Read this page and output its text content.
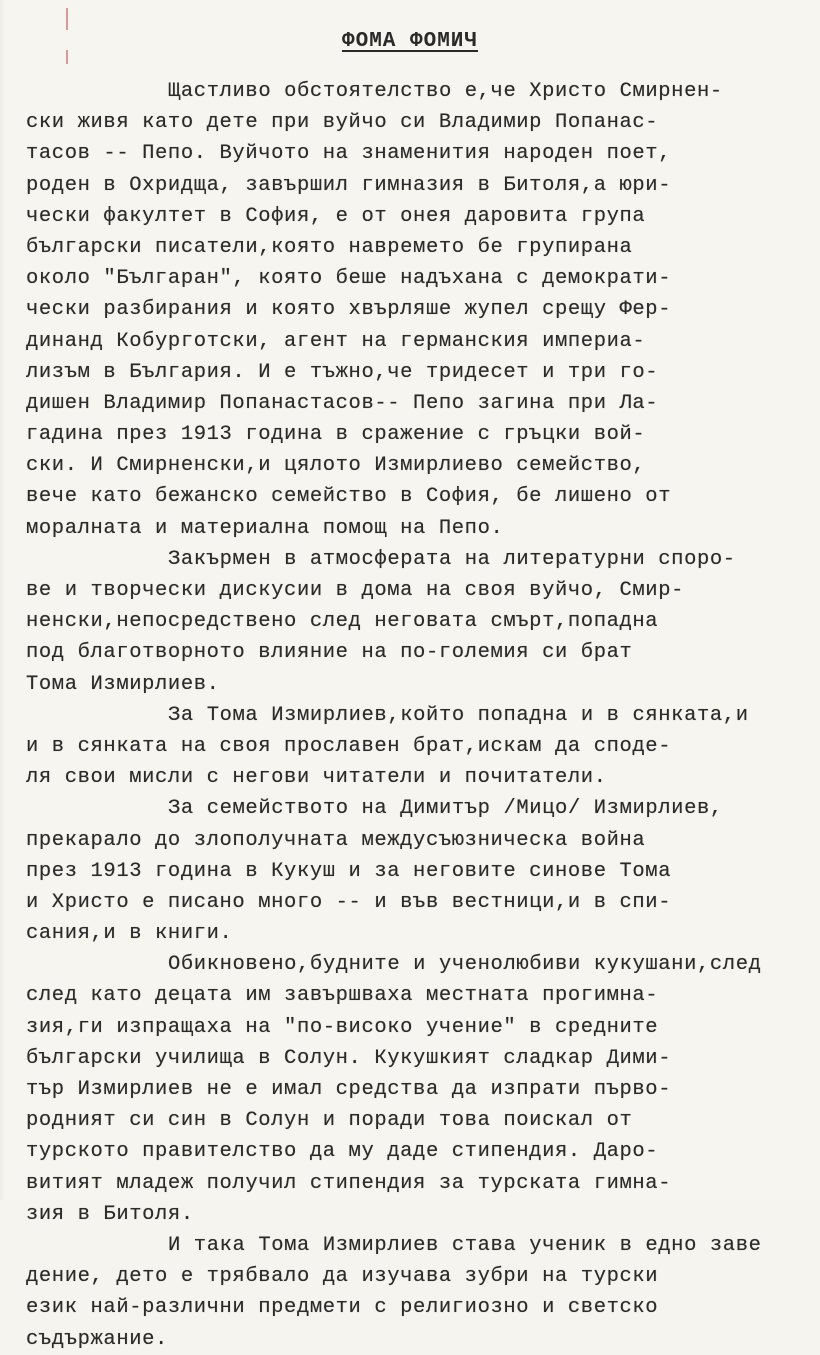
ФОМА ФОМИЧ
Щастливо обстоятелство е,че Христо Смирнен-
ски живя като дете при вуйчо си Владимир Попанас-
тасов -- Пепо. Вуйчото на знаменития народен поет,
роден в Охридща, завършил гимназия в Битоля,а юри-
чески факултет в София, е от онея даровита група
български писатели,която навремето бе групирана
около "Българан", която беше надъхана с демократи-
чески разбирания и която хвърляше жупел срещу Фер-
динанд Кобурготски, агент на германския империа-
лизъм в България. И е тъжно,че тридесет и три го-
дишен Владимир Попанастасов-- Пепо загина при Ла-
гадина през 1913 година в сражение с гръцки вой-
ски. И Смирненски,и цялото Измирлиево семейство,
вече като бежанско семейство в София, бе лишено от
моралната и материална помощ на Пепо.
Закърмен в атмосферата на литературни споро-
ве и творчески дискусии в дома на своя вуйчо, Смир-
ненски,непосредствено след неговата смърт,попадна
под благотворното влияние на по-големия си брат
Тома Измирлиев.
За Тома Измирлиев,който попадна и в сянката,и
и в сянката на своя прославен брат,искам да споде-
ля свои мисли с негови читатели и почитатели.
За семейството на Димитър /Мицо/ Измирлиев,
прекарало до злополучната междусъюзническа война
през 1913 година в Кукуш и за неговите синове Тома
и Христо е писано много -- и във вестници,и в спи-
сания,и в книги.
Обикновено,будните и ученолюбиви кукушани,след
след като децата им завършваха местната прогимна-
зия,ги изпращаха на "по-високо учение" в средните
български училища в Солун. Кукушкият сладкар Дими-
тър Измирлиев не е имал средства да изпрати първо-
родният си син в Солун и поради това поискал от
турското правителство да му даде стипендия. Даро-
витият младеж получил стипендия за турската гимна-
зия в Битоля.
И така Тома Измирлиев става ученик в едно заве
дение, дето е трябвало да изучава зубри на турски
език най-различни предмети с религиозно и светско
съдържание.
